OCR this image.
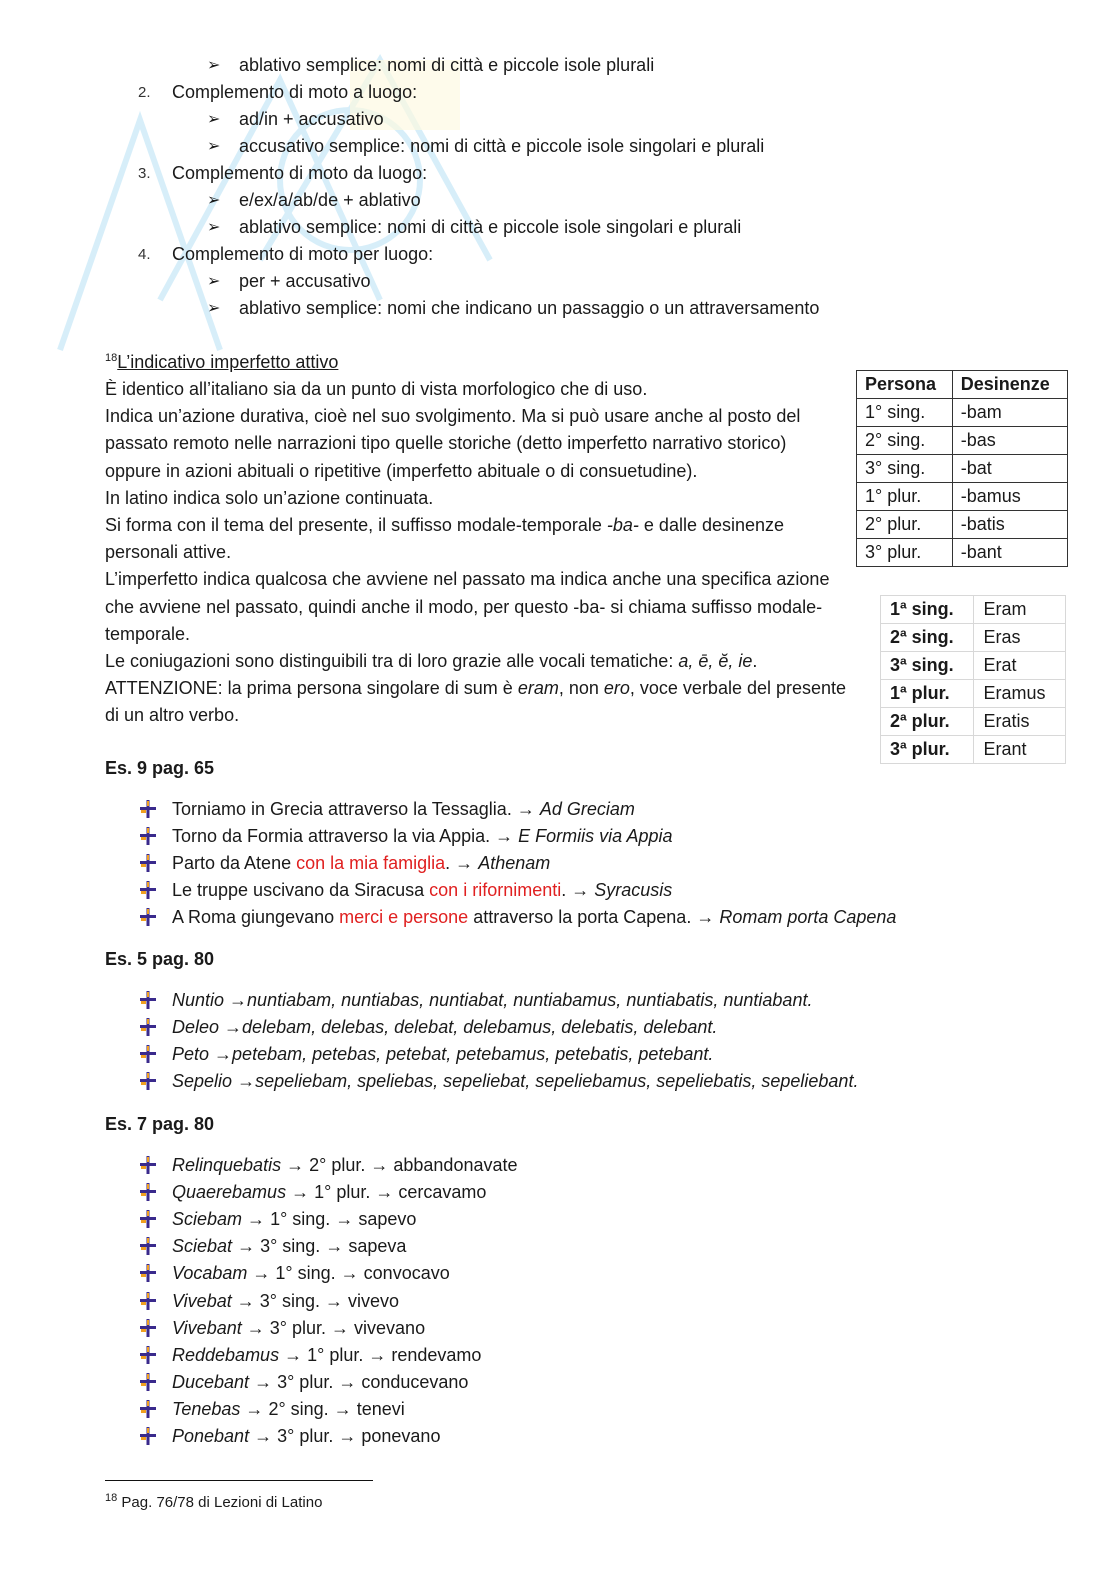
➢ ablativo semplice: nomi di città e piccole isole plurali
2. Complemento di moto a luogo:
➢ ad/in + accusativo
➢ accusativo semplice: nomi di città e piccole isole singolari e plurali
3. Complemento di moto da luogo:
➢ e/ex/a/ab/de + ablativo
➢ ablativo semplice: nomi di città e piccole isole singolari e plurali
4. Complemento di moto per luogo:
➢ per + accusativo
➢ ablativo semplice: nomi che indicano un passaggio o un attraversamento
$^{18}$L’indicativo imperfetto attivo

È identico all’italiano sia da un punto di vista morfologico che di uso.

Indica un’azione durativa, cioè nel suo svolgimento. Ma si può usare anche al posto del passato remoto nelle narrazioni tipo quelle storiche (detto imperfetto narrativo storico) oppure in azioni abituali o ripetitive (imperfetto abituale o di consuetudine).

In latino indica solo un’azione continuata.

Si forma con il tema del presente, il suffisso modale-temporale -ba- e dalle desinenze personali attive.

L’imperfetto indica qualcosa che avviene nel passato ma indica anche una specifica azione che avviene nel passato, quindi anche il modo, per questo -ba- si chiama suffisso modale-temporale.

Le coniugazioni sono distinguibili tra di loro grazie alle vocali tematiche: a, ē, ĕ, ie.

ATTENZIONE: la prima persona singolare di sum è eram, non ero, voce verbale del presente di un altro verbo.

Persona	Desinenze
1° sing.	-bam
2° sing.	-bas
3° sing.	-bat
1° plur.	-bamus
2° plur.	-batis
3° plur.	-bant
1ª sing.	Eram
2ª sing.	Eras
3ª sing.	Erat
1ª plur.	Eramus
2ª plur.	Eratis
3ª plur.	Erant
Es. 9 pag. 65
Es. 5 pag. 80
Es. 7 pag. 80
$^{18}$ Pag. 76/78 di Lezioni di Latino
Torniamo in Grecia attraverso la Tessaglia. → Ad Greciam
Torno da Formia attraverso la via Appia. → E Formiis via Appia
Parto da Atene con la mia famiglia. → Athenam
Le truppe uscivano da Siracusa con i rifornimenti. → Syracusis
A Roma giungevano merci e persone attraverso la porta Capena. → Romam porta Capena
Nuntio →nuntiabam, nuntiabas, nuntiabat, nuntiabamus, nuntiabatis, nuntiabant.
Deleo →delebam, delebas, delebat, delebamus, delebatis, delebant.
Peto →petebam, petebas, petebat, petebamus, petebatis, petebant.
Sepelio →sepeliebam, speliebas, sepeliebat, sepeliebamus, sepeliebatis, sepeliebant.
Relinquebatis → 2° plur. → abbandonavate
Quaerebamus → 1° plur. → cercavamo
Sciebam → 1° sing. → sapevo
Sciebat → 3° sing. → sapeva
Vocabam → 1° sing. → convocavo
Vivebat → 3° sing. → vivevo
Vivebant → 3° plur. → vivevano
Reddebamus → 1° plur. → rendevamo
Ducebant → 3° plur. → conducevano
Tenebas → 2° sing. → tenevi
Ponebant → 3° plur. → ponevano
